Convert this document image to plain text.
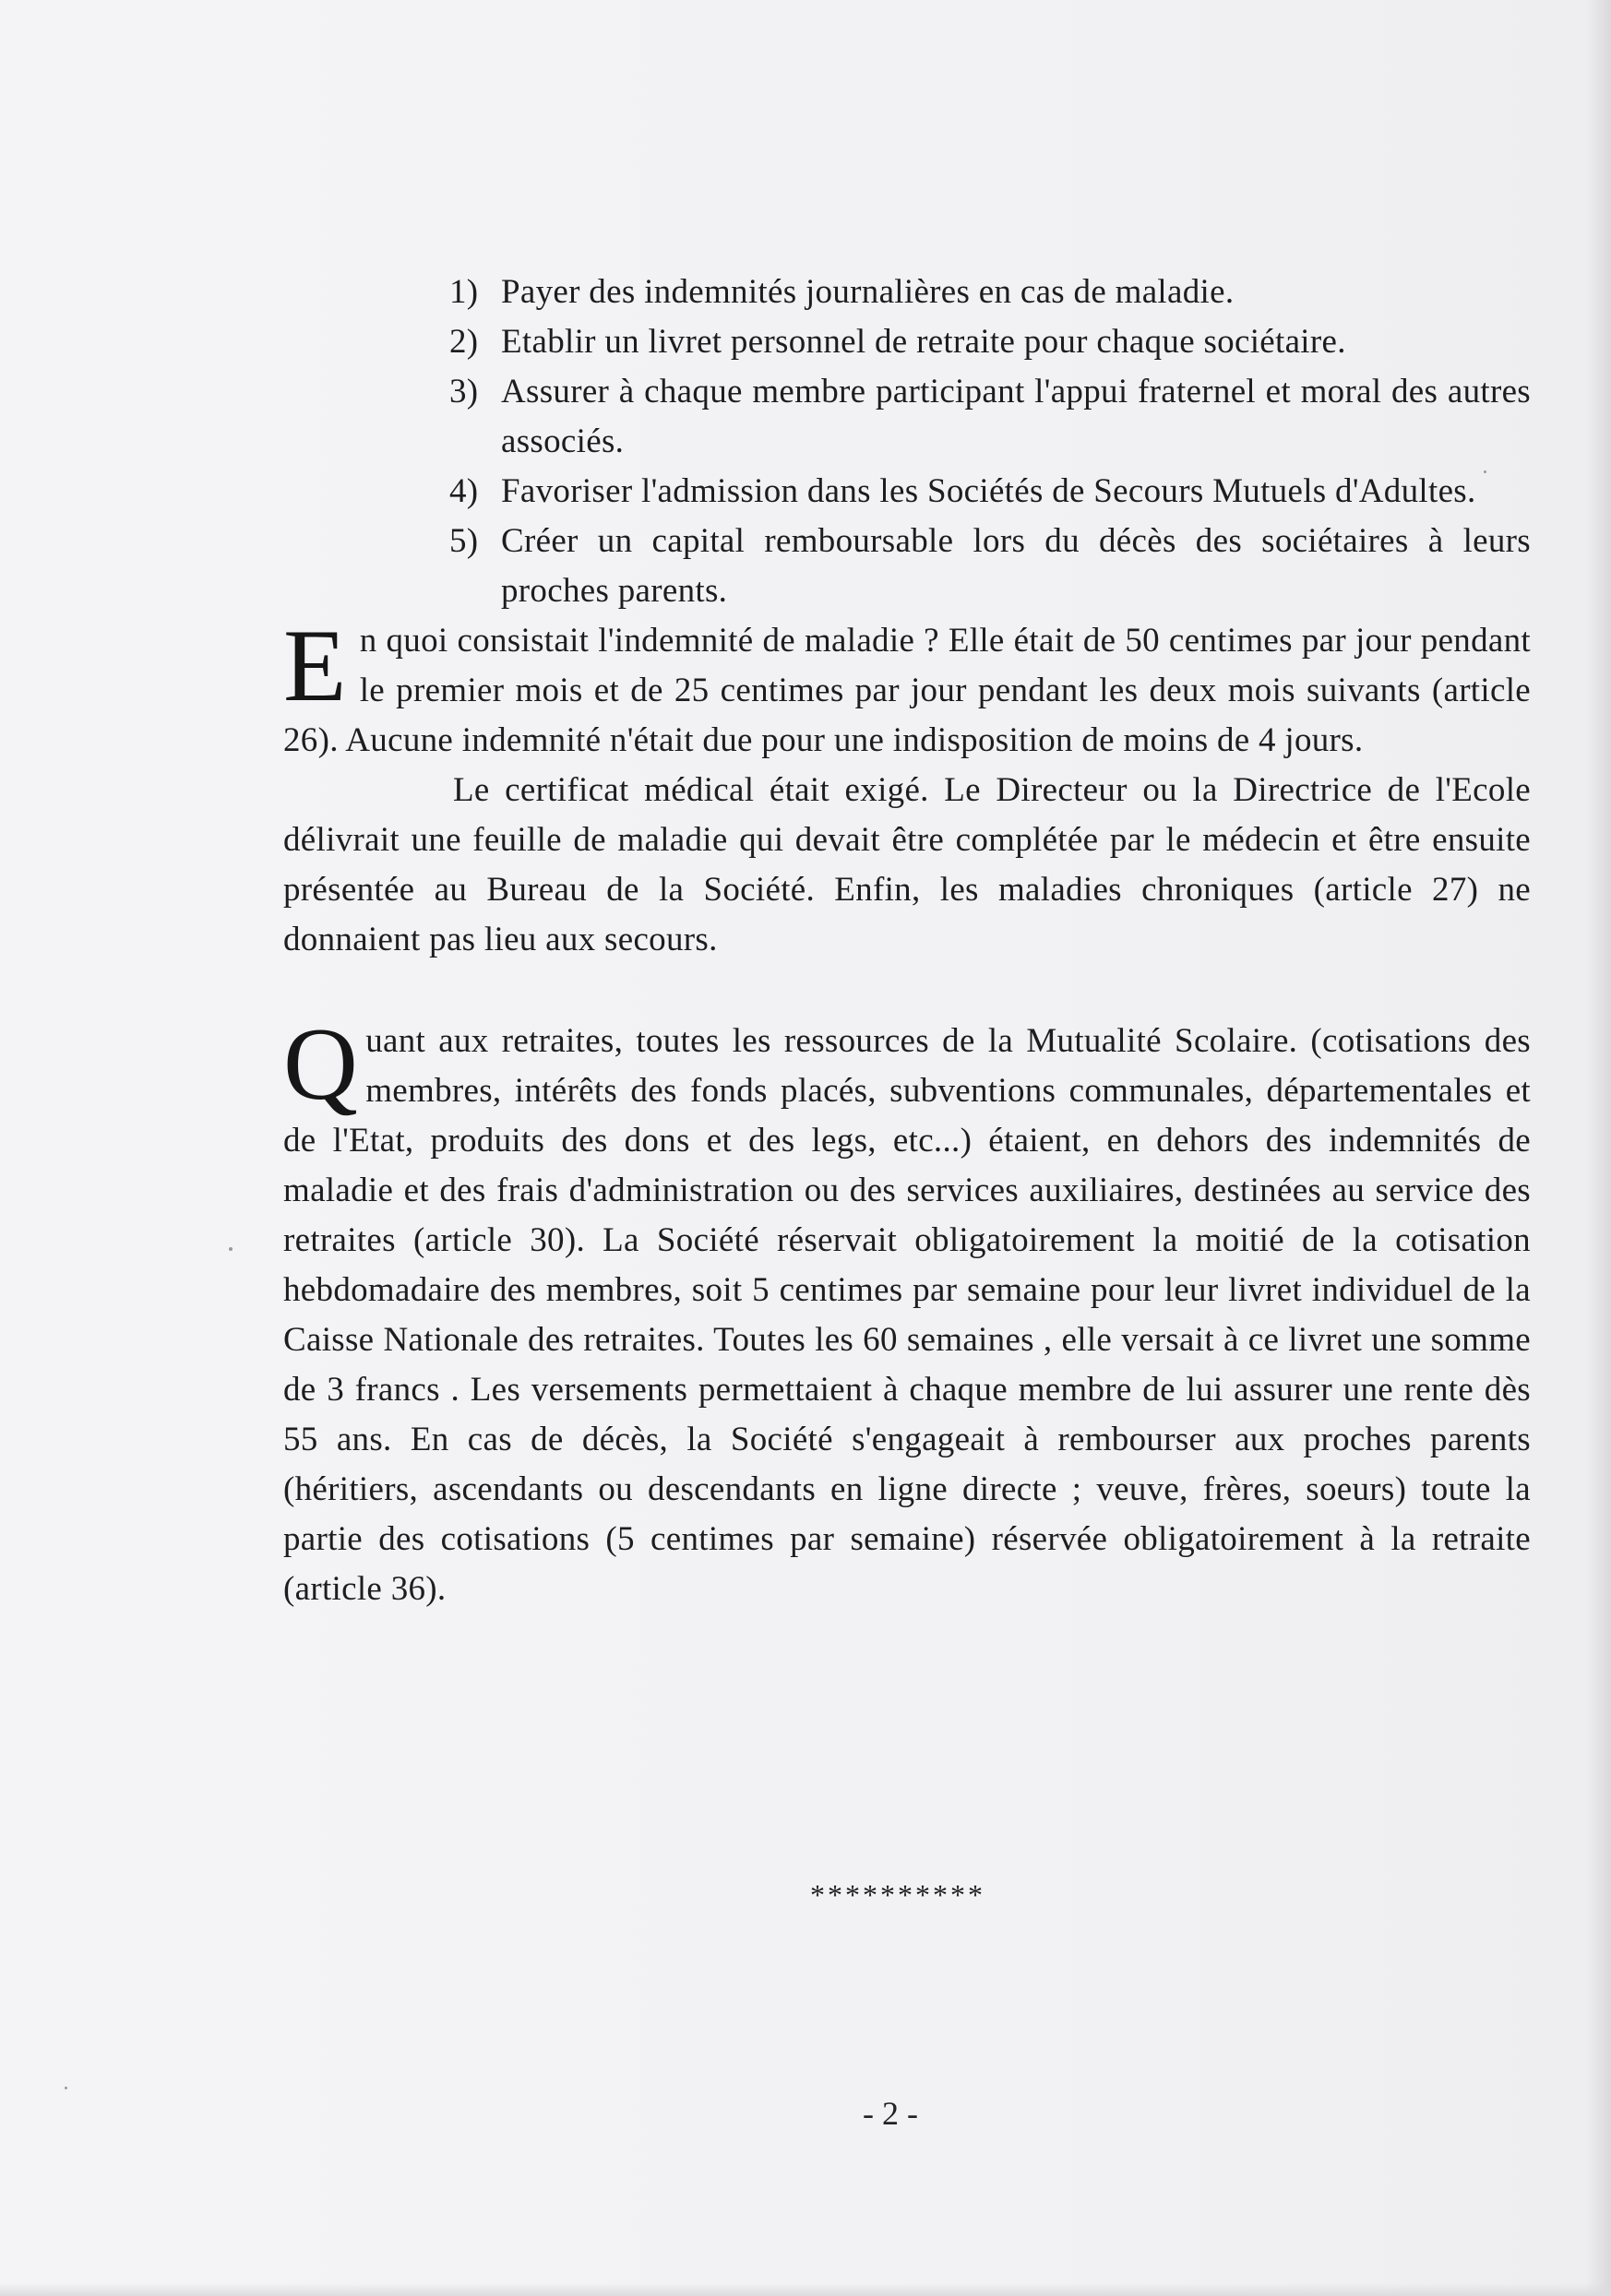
1) Payer des indemnités journalières en cas de maladie.
2) Etablir un livret personnel de retraite pour chaque sociétaire.
3) Assurer à chaque membre participant l'appui fraternel et moral des autres associés.
4) Favoriser l'admission dans les Sociétés de Secours Mutuels d'Adultes.
5) Créer un capital remboursable lors du décès des sociétaires à leurs proches parents.

E n quoi consistait l'indemnité de maladie ? Elle était de 50 centimes par jour pendant le premier mois et de 25 centimes par jour pendant les deux mois suivants (article 26). Aucune indemnité n'était due pour une indisposition de moins de 4 jours.

Le certificat médical était exigé. Le Directeur ou la Directrice de l'Ecole délivrait une feuille de maladie qui devait être complétée par le médecin et être ensuite présentée au Bureau de la Société. Enfin, les maladies chroniques (article 27) ne donnaient pas lieu aux secours.

Q uant aux retraites, toutes les ressources de la Mutualité Scolaire. (cotisations des membres, intérêts des fonds placés, subventions communales, départementales et de l'Etat, produits des dons et des legs, etc...) étaient, en dehors des indemnités de maladie et des frais d'administration ou des services auxiliaires, destinées au service des retraites (article 30). La Société réservait obligatoirement la moitié de la cotisation hebdomadaire des membres, soit 5 centimes par semaine pour leur livret individuel de la Caisse Nationale des retraites. Toutes les 60 semaines , elle versait à ce livret une somme de 3 francs . Les versements permettaient à chaque membre de lui assurer une rente dès 55 ans. En cas de décès, la Société s'engageait à rembourser aux proches parents (héritiers, ascendants ou descendants en ligne directe ; veuve, frères, soeurs) toute la partie des cotisations (5 centimes par semaine) réservée obligatoirement à la retraite (article 36).

**********
- 2 -
